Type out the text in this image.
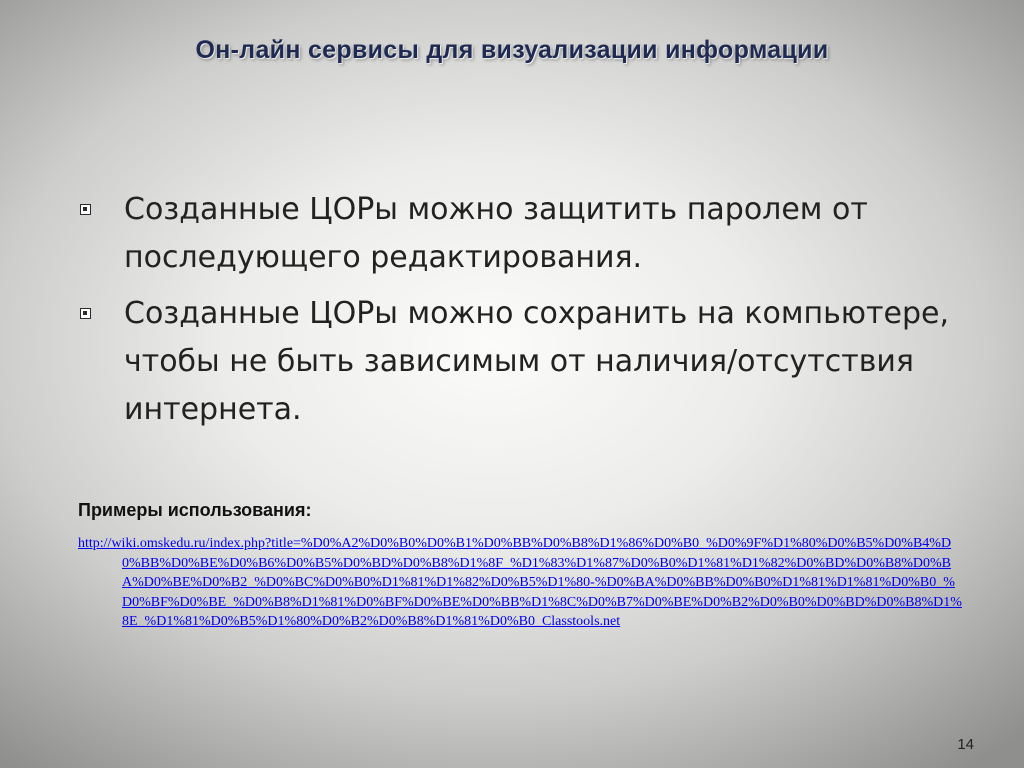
Он-лайн сервисы для визуализации информации
Созданные ЦОРы можно защитить паролем от последующего редактирования.
Созданные ЦОРы можно сохранить на компьютере, чтобы не быть зависимым от наличия/отсутствия интернета.
Примеры использования:
http://wiki.omskedu.ru/index.php?title=%D0%A2%D0%B0%D0%B1%D0%BB%D0%B8%D1%86%D0%B0_%D0%9F%D1%80%D0%B5%D0%B4%D0%BB%D0%BE%D0%B6%D0%B5%D0%BD%D0%B8%D1%8F_%D1%83%D1%87%D0%B0%D1%81%D1%82%D0%BD%D0%B8%D0%BA%D0%BE%D0%B2_%D0%BC%D0%B0%D1%81%D1%82%D0%B5%D1%80-%D0%BA%D0%BB%D0%B0%D1%81%D1%81%D0%B0_%D0%BF%D0%BE_%D0%B8%D1%81%D0%BF%D0%BE%D0%BB%D1%8C%D0%B7%D0%BE%D0%B2%D0%B0%D0%BD%D0%B8%D1%8E_%D1%81%D0%B5%D1%80%D0%B2%D0%B8%D1%81%D0%B0_Classtools.net
14
